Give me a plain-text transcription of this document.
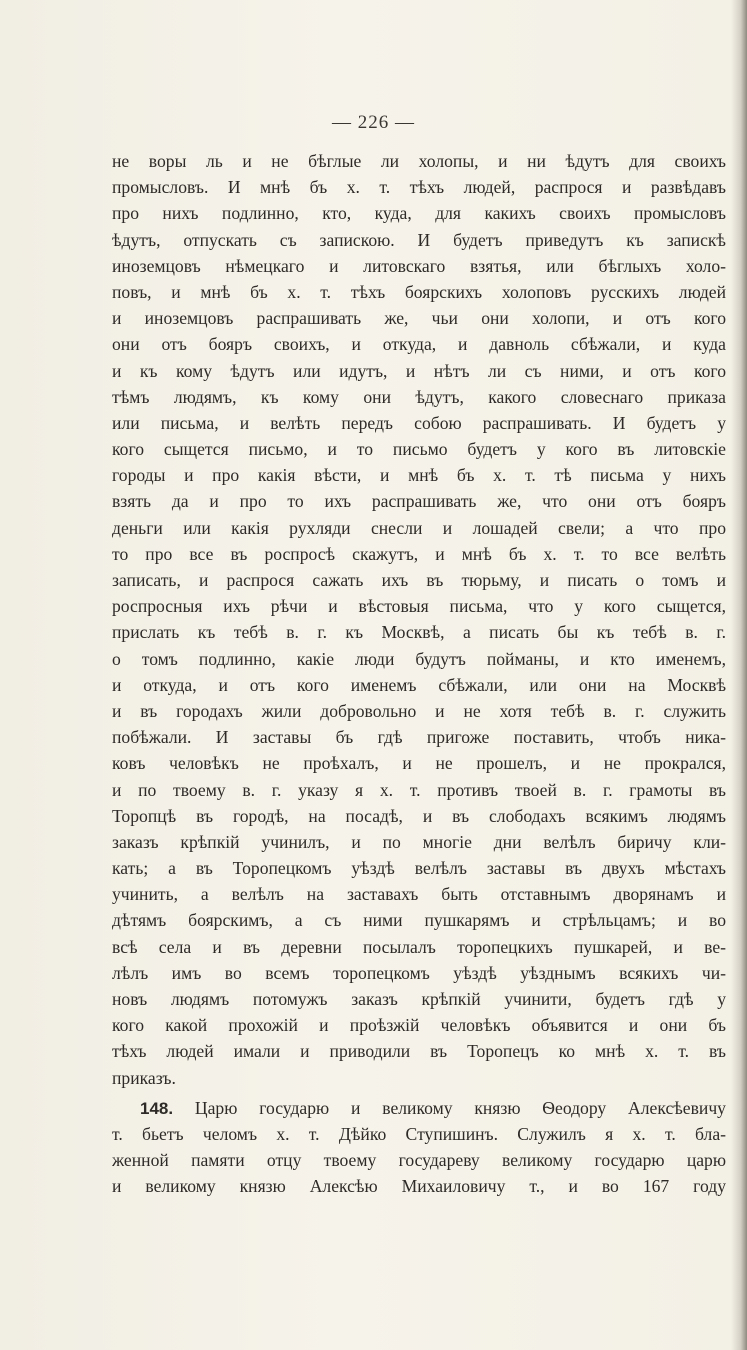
— 226 —
не воры ль и не бѣглые ли холопы, и ни ѣдутъ для своихъ
промысловъ. И мнѣ бъ х. т. тѣхъ людей, распрося и развѣдавъ
про нихъ подлинно, кто, куда, для какихъ своихъ промысловъ
ѣдутъ, отпускать съ запискою. И будетъ приведутъ къ запискѣ
иноземцовъ нѣмецкаго и литовскаго взятья, или бѣглыхъ холо-
повъ, и мнѣ бъ х. т. тѣхъ боярскихъ холоповъ русскихъ людей
и иноземцовъ распрашивать же, чьи они холопи, и отъ кого
они отъ бояръ своихъ, и откуда, и давноль сбѣжали, и куда
и къ кому ѣдутъ или идутъ, и нѣтъ ли съ ними, и отъ кого
тѣмъ людямъ, къ кому они ѣдутъ, какого словеснаго приказа
или письма, и велѣть передъ собою распрашивать. И будетъ у
кого сыщется письмо, и то письмо будетъ у кого въ литовскіе
городы и про какія вѣсти, и мнѣ бъ х. т. тѣ письма у нихъ
взять да и про то ихъ распрашивать же, что они отъ бояръ
деньги или какія рухляди снесли и лошадей свели; а что про
то про все въ роспросѣ скажутъ, и мнѣ бъ х. т. то все велѣть
записать, и распрося сажать ихъ въ тюрьму, и писать о томъ и
роспросныя ихъ рѣчи и вѣстовыя письма, что у кого сыщется,
прислать къ тебѣ в. г. къ Москвѣ, а писать бы къ тебѣ в. г.
о томъ подлинно, какіе люди будутъ пойманы, и кто именемъ,
и откуда, и отъ кого именемъ сбѣжали, или они на Москвѣ
и въ городахъ жили добровольно и не хотя тебѣ в. г. служить
побѣжали. И заставы бъ гдѣ пригоже поставить, чтобъ ника-
ковъ человѣкъ не проѣхалъ, и не прошелъ, и не прокрался,
и по твоему в. г. указу я х. т. противъ твоей в. г. грамоты въ
Торопцѣ въ городѣ, на посадѣ, и въ слободахъ всякимъ людямъ
заказъ крѣпкій учинилъ, и по многіе дни велѣлъ биричу кли-
кать; а въ Торопецкомъ уѣздѣ велѣлъ заставы въ двухъ мѣстахъ
учинить, а велѣлъ на заставахъ быть отставнымъ дворянамъ и
дѣтямъ боярскимъ, а съ ними пушкарямъ и стрѣльцамъ; и во
всѣ села и въ деревни посылалъ торопецкихъ пушкарей, и ве-
лѣлъ имъ во всемъ торопецкомъ уѣздѣ уѣзднымъ всякихъ чи-
новъ людямъ потомужъ заказъ крѣпкій учинити, будетъ гдѣ у
кого какой прохожій и проѣзжій человѣкъ объявится и они бъ
тѣхъ людей имали и приводили въ Торопецъ ко мнѣ х. т. въ
приказъ.
148. Царю государю и великому князю Ѳеодору Алексѣевичу
т. бьетъ челомъ х. т. Дѣйко Ступишинъ. Служилъ я х. т. бла-
женной памяти отцу твоему государеву великому государю царю
и великому князю Алексѣю Михаиловичу т., и во 167 году
